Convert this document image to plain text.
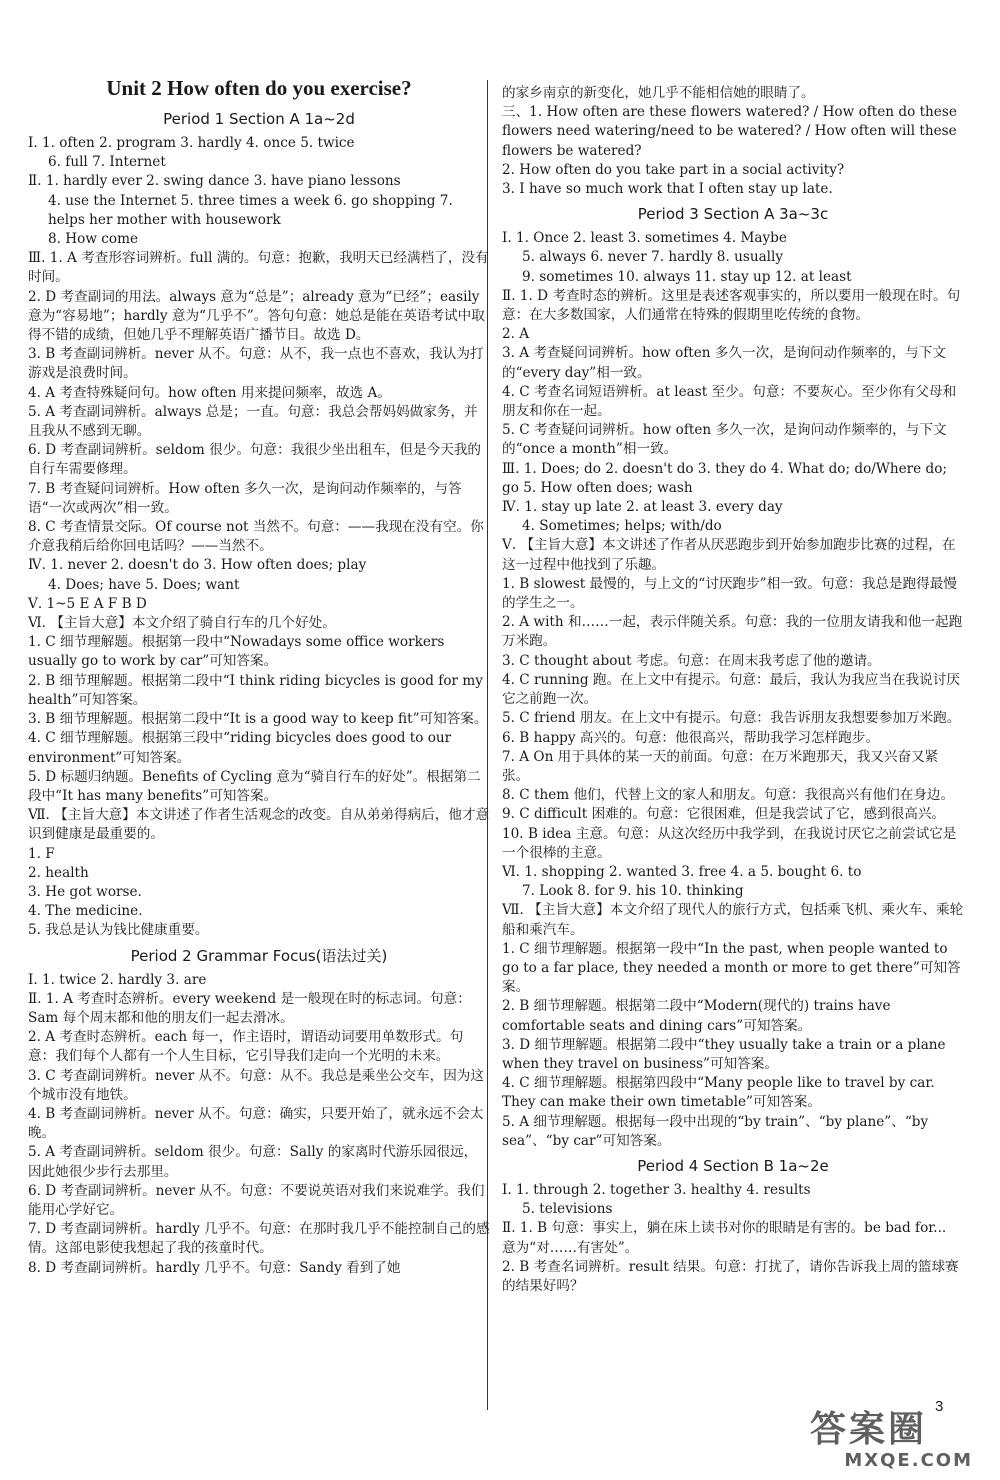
Unit 2 How often do you exercise?
Period 1 Section A 1a~2d
Ⅰ. 1. often 2. program 3. hardly 4. once 5. twice
6. full 7. Internet
Ⅱ. 1. hardly ever 2. swing dance 3. have piano lessons
4. use the Internet 5. three times a week 6. go shopping 7. helps her mother with housework
8. How come
Ⅲ. 1. A 考查形容词辨析。full 满的。句意：抱歉，我明天已经满档了，没有时间。
2. D 考查副词的用法。always 意为“总是”；already 意为“已经”；easily 意为“容易地”；hardly 意为“几乎不”。答句句意：她总是能在英语考试中取得不错的成绩，但她几乎不理解英语广播节目。故选 D。
3. B 考查副词辨析。never 从不。句意：从不，我一点也不喜欢，我认为打游戏是浪费时间。
4. A 考查特殊疑问句。how often 用来提问频率，故选 A。
5. A 考查副词辨析。always 总是；一直。句意：我总会帮妈妈做家务，并且我从不感到无聊。
6. D 考查副词辨析。seldom 很少。句意：我很少坐出租车，但是今天我的自行车需要修理。
7. B 考查疑问词辨析。How often 多久一次，是询问动作频率的，与答语“一次或两次”相一致。
8. C 考查情景交际。Of course not 当然不。句意：——我现在没有空。你介意我稍后给你回电话吗？——当然不。
Ⅳ. 1. never 2. doesn't do 3. How often does; play
4. Does; have 5. Does; want
Ⅴ. 1~5 E A F B D
Ⅵ. 【主旨大意】本文介绍了骑自行车的几个好处。
1. C 细节理解题。根据第一段中“Nowadays some office workers usually go to work by car”可知答案。
2. B 细节理解题。根据第二段中“I think riding bicycles is good for my health”可知答案。
3. B 细节理解题。根据第二段中“It is a good way to keep fit”可知答案。
4. C 细节理解题。根据第三段中“riding bicycles does good to our environment”可知答案。
5. D 标题归纳题。Benefits of Cycling 意为“骑自行车的好处”。根据第二段中“It has many benefits”可知答案。
Ⅶ. 【主旨大意】本文讲述了作者生活观念的改变。自从弟弟得病后，他才意识到健康是最重要的。
1. F
2. health
3. He got worse.
4. The medicine.
5. 我总是认为钱比健康重要。
Period 2 Grammar Focus(语法过关)
Ⅰ. 1. twice 2. hardly 3. are
Ⅱ. 1. A 考查时态辨析。every weekend 是一般现在时的标志词。句意：Sam 每个周末都和他的朋友们一起去滑冰。
2. A 考查时态辨析。each 每一，作主语时，谓语动词要用单数形式。句意：我们每个人都有一个人生目标，它引导我们走向一个光明的未来。
3. C 考查副词辨析。never 从不。句意：从不。我总是乘坐公交车，因为这个城市没有地铁。
4. B 考查副词辨析。never 从不。句意：确实，只要开始了，就永远不会太晚。
5. A 考查副词辨析。seldom 很少。句意：Sally 的家离时代游乐园很远，因此她很少步行去那里。
6. D 考查副词辨析。never 从不。句意：不要说英语对我们来说难学。我们能用心学好它。
7. D 考查副词辨析。hardly 几乎不。句意：在那时我几乎不能控制自己的感情。这部电影使我想起了我的孩童时代。
8. D 考查副词辨析。hardly 几乎不。句意：Sandy 看到了她
的家乡南京的新变化，她几乎不能相信她的眼睛了。
三、1. How often are these flowers watered? / How often do these flowers need watering/need to be watered? / How often will these flowers be watered?
2. How often do you take part in a social activity?
3. I have so much work that I often stay up late.
Period 3 Section A 3a~3c
Ⅰ. 1. Once 2. least 3. sometimes 4. Maybe
5. always 6. never 7. hardly 8. usually
9. sometimes 10. always 11. stay up 12. at least
Ⅱ. 1. D 考查时态的辨析。这里是表述客观事实的，所以要用一般现在时。句意：在大多数国家，人们通常在特殊的假期里吃传统的食物。
2. A
3. A 考查疑问词辨析。how often 多久一次，是询问动作频率的，与下文的“every day”相一致。
4. C 考查名词短语辨析。at least 至少。句意：不要灰心。至少你有父母和朋友和你在一起。
5. C 考查疑问词辨析。how often 多久一次，是询问动作频率的，与下文的“once a month”相一致。
Ⅲ. 1. Does; do 2. doesn't do 3. they do 4. What do; do/Where do; go 5. How often does; wash
Ⅳ. 1. stay up late 2. at least 3. every day
4. Sometimes; helps; with/do
Ⅴ. 【主旨大意】本文讲述了作者从厌恶跑步到开始参加跑步比赛的过程，在这一过程中他找到了乐趣。
1. B slowest 最慢的，与上文的“讨厌跑步”相一致。句意：我总是跑得最慢的学生之一。
2. A with 和……一起，表示伴随关系。句意：我的一位朋友请我和他一起跑万米跑。
3. C thought about 考虑。句意：在周末我考虑了他的邀请。
4. C running 跑。在上文中有提示。句意：最后，我认为我应当在我说讨厌它之前跑一次。
5. C friend 朋友。在上文中有提示。句意：我告诉朋友我想要参加万米跑。
6. B happy 高兴的。句意：他很高兴，帮助我学习怎样跑步。
7. A On 用于具体的某一天的前面。句意：在万米跑那天，我又兴奋又紧张。
8. C them 他们，代替上文的家人和朋友。句意：我很高兴有他们在身边。
9. C difficult 困难的。句意：它很困难，但是我尝试了它，感到很高兴。
10. B idea 主意。句意：从这次经历中我学到，在我说讨厌它之前尝试它是一个很棒的主意。
Ⅵ. 1. shopping 2. wanted 3. free 4. a 5. bought 6. to
7. Look 8. for 9. his 10. thinking
Ⅶ. 【主旨大意】本文介绍了现代人的旅行方式，包括乘飞机、乘火车、乘轮船和乘汽车。
1. C 细节理解题。根据第一段中“In the past, when people wanted to go to a far place, they needed a month or more to get there”可知答案。
2. B 细节理解题。根据第二段中“Modern(现代的) trains have comfortable seats and dining cars”可知答案。
3. D 细节理解题。根据第二段中“they usually take a train or a plane when they travel on business”可知答案。
4. C 细节理解题。根据第四段中“Many people like to travel by car. They can make their own timetable”可知答案。
5. A 细节理解题。根据每一段中出现的“by train”、“by plane”、“by sea”、“by car”可知答案。
Period 4 Section B 1a~2e
Ⅰ. 1. through 2. together 3. healthy 4. results
5. televisions
Ⅱ. 1. B 句意：事实上，躺在床上读书对你的眼睛是有害的。be bad for... 意为“对……有害处”。
2. B 考查名词辨析。result 结果。句意：打扰了，请你告诉我上周的篮球赛的结果好吗？
3
答案圈
MXQE.COM
